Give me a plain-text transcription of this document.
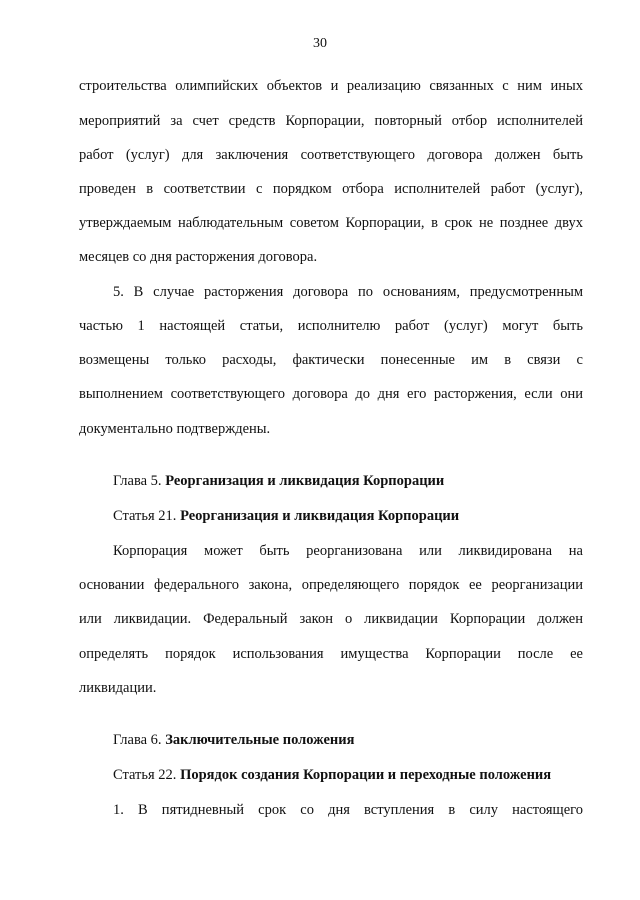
30
строительства олимпийских объектов и реализацию связанных с ним иных
мероприятий за счет средств Корпорации, повторный отбор исполнителей
работ (услуг) для заключения соответствующего договора должен быть
проведен в соответствии с порядком отбора исполнителей работ (услуг),
утверждаемым наблюдательным советом Корпорации, в срок не позднее двух
месяцев со дня расторжения договора.
5. В случае расторжения договора по основаниям, предусмотренным
частью 1 настоящей статьи, исполнителю работ (услуг) могут быть
возмещены только расходы, фактически понесенные им в связи с
выполнением соответствующего договора до дня его расторжения, если они
документально подтверждены.
Глава 5. Реорганизация и ликвидация Корпорации
Статья 21. Реорганизация и ликвидация Корпорации
Корпорация может быть реорганизована или ликвидирована на
основании федерального закона, определяющего порядок ее реорганизации
или ликвидации. Федеральный закон о ликвидации Корпорации должен
определять порядок использования имущества Корпорации после ее
ликвидации.
Глава 6. Заключительные положения
Статья 22. Порядок создания Корпорации и переходные положения
1. В пятидневный срок со дня вступления в силу настоящего
